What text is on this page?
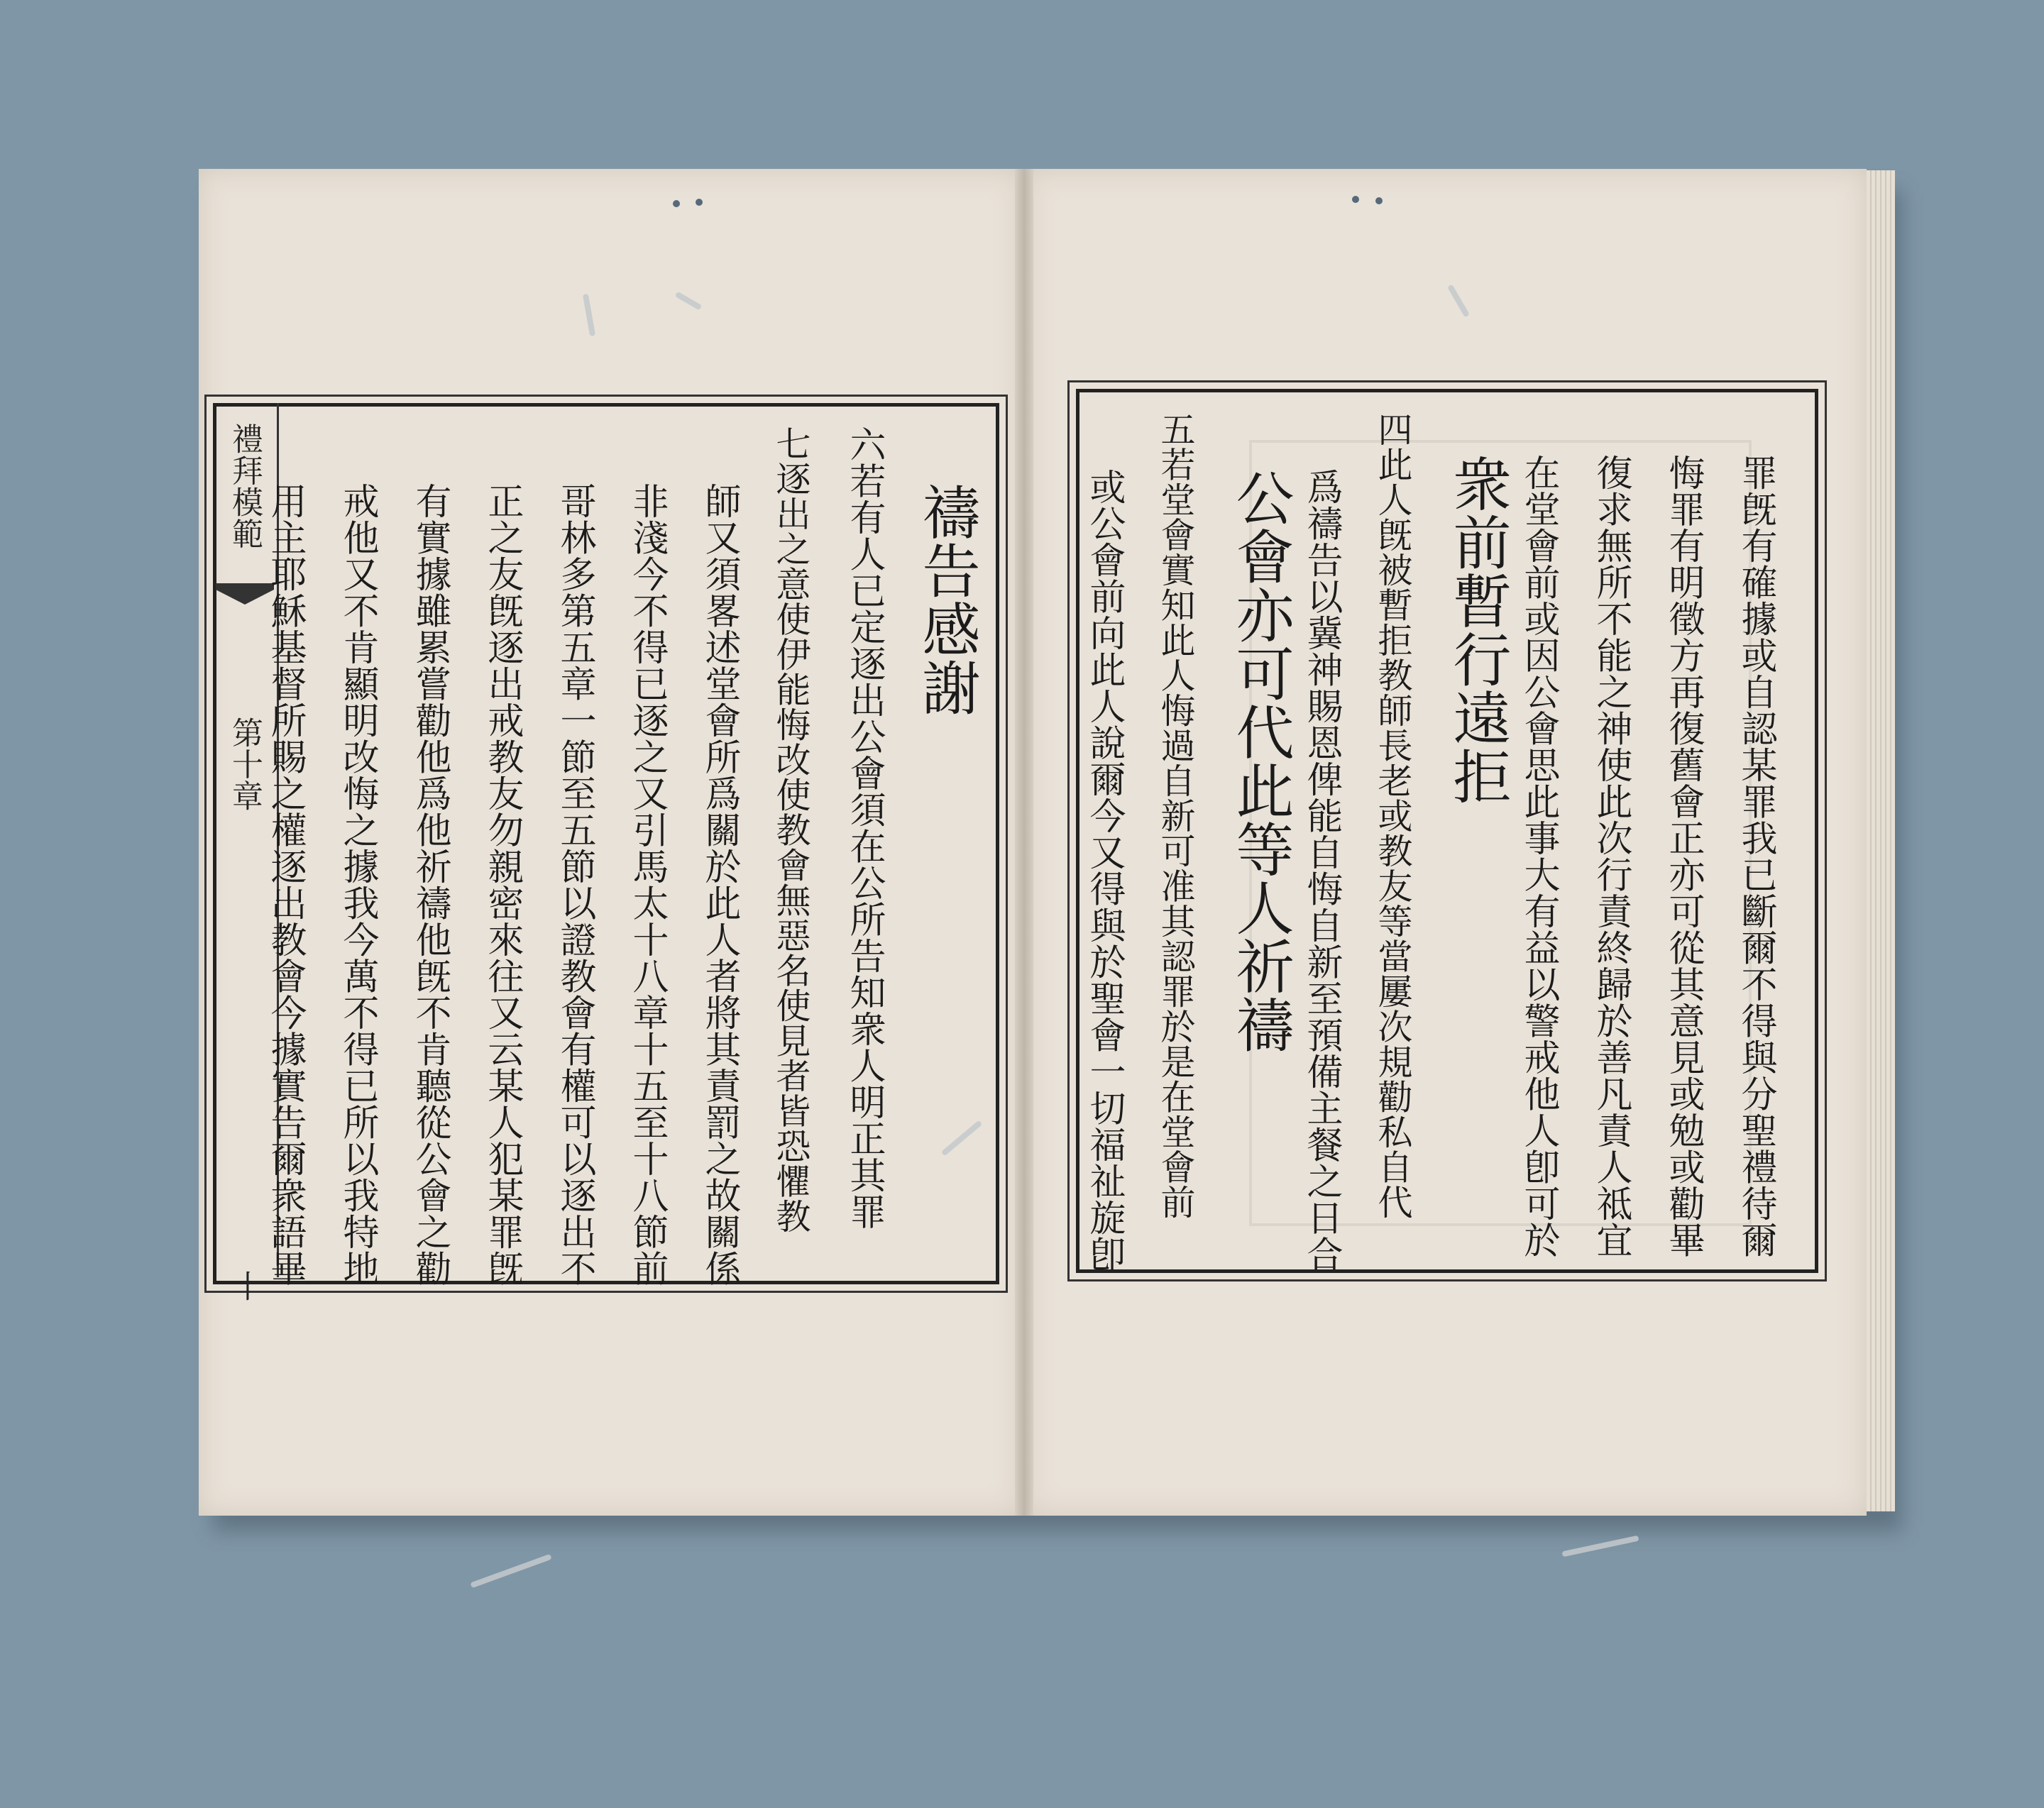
禮拜模範
第十章
十
禱告感謝
六若有人已定逐出公會須在公所告知衆人明正其罪
七逐出之意使伊能悔改使教會無惡名使見者皆恐懼教
師又須畧述堂會所爲關於此人者將其責罰之故關係
非淺今不得已逐之又引馬太十八章十五至十八節前
哥林多第五章一節至五節以證教會有權可以逐出不
正之友旣逐出戒教友勿親密來往又云某人犯某罪旣
有實據雖累嘗勸他爲他祈禱他旣不肯聽從公會之勸
戒他又不肯顯明改悔之據我今萬不得已所以我特地
用主耶穌基督所賜之權逐出教會今據實告爾衆語畢	罪旣有確據或自認某罪我已斷爾不得與分聖禮待爾
悔罪有明徵方再復舊會正亦可從其意見或勉或勸畢
復求無所不能之神使此次行責終歸於善凡責人祗宜
在堂會前或因公會思此事大有益以警戒他人卽可於
衆前暫行遠拒
四此人旣被暫拒教師長老或教友等當屢次規勸私自代
爲禱告以冀神賜恩俾能自悔自新至預備主餐之日合
公會亦可代此等人祈禱
五若堂會實知此人悔過自新可准其認罪於是在堂會前
或公會前向此人說爾今又得與於聖會一切福祉旋卽
